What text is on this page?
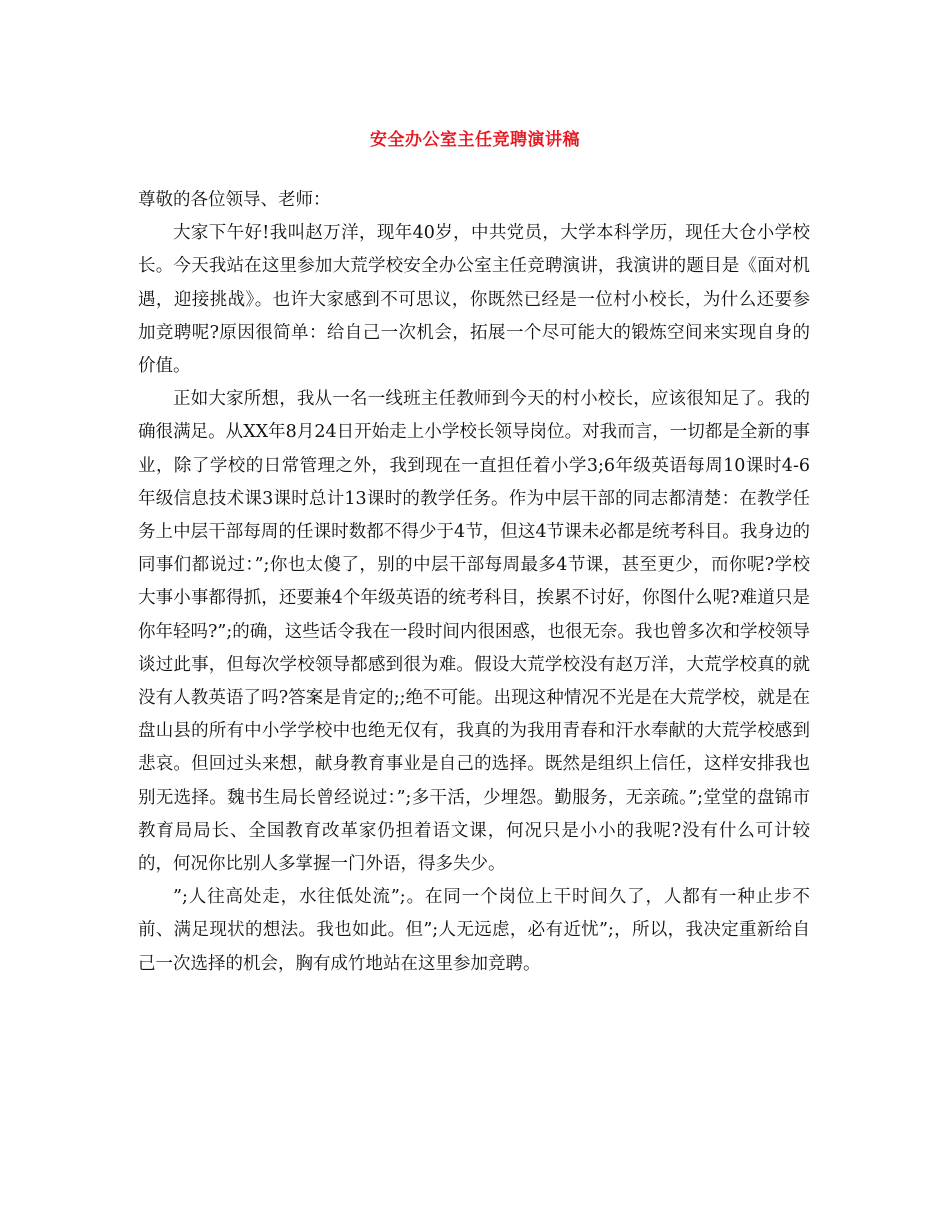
安全办公室主任竞聘演讲稿

尊敬的各位领导、老师：

大家下午好!我叫赵万洋，现年40岁，中共党员，大学本科学历，现任大仓小学校长。今天我站在这里参加大荒学校安全办公室主任竞聘演讲，我演讲的题目是《面对机遇，迎接挑战》。也许大家感到不可思议，你既然已经是一位村小校长，为什么还要参加竞聘呢?原因很简单：给自己一次机会，拓展一个尽可能大的锻炼空间来实现自身的价值。

正如大家所想，我从一名一线班主任教师到今天的村小校长，应该很知足了。我的确很满足。从XX年8月24日开始走上小学校长领导岗位。对我而言，一切都是全新的事业，除了学校的日常管理之外，我到现在一直担任着小学3;6年级英语每周10课时4-6年级信息技术课3课时总计13课时的教学任务。作为中层干部的同志都清楚：在教学任务上中层干部每周的任课时数都不得少于4节，但这4节课未必都是统考科目。我身边的同事们都说过：”;你也太傻了，别的中层干部每周最多4节课，甚至更少，而你呢?学校大事小事都得抓，还要兼4个年级英语的统考科目，挨累不讨好，你图什么呢?难道只是你年轻吗?”;的确，这些话令我在一段时间内很困惑，也很无奈。我也曾多次和学校领导谈过此事，但每次学校领导都感到很为难。假设大荒学校没有赵万洋，大荒学校真的就没有人教英语了吗?答案是肯定的;;绝不可能。出现这种情况不光是在大荒学校，就是在盘山县的所有中小学学校中也绝无仅有，我真的为我用青春和汗水奉献的大荒学校感到悲哀。但回过头来想，献身教育事业是自己的选择。既然是组织上信任，这样安排我也别无选择。魏书生局长曾经说过：”;多干活，少埋怨。勤服务，无亲疏。”;堂堂的盘锦市教育局局长、全国教育改革家仍担着语文课，何况只是小小的我呢?没有什么可计较的，何况你比别人多掌握一门外语，得多失少。

”;人往高处走，水往低处流”;。在同一个岗位上干时间久了，人都有一种止步不前、满足现状的想法。我也如此。但”;人无远虑，必有近忧”;，所以，我决定重新给自己一次选择的机会，胸有成竹地站在这里参加竞聘。
